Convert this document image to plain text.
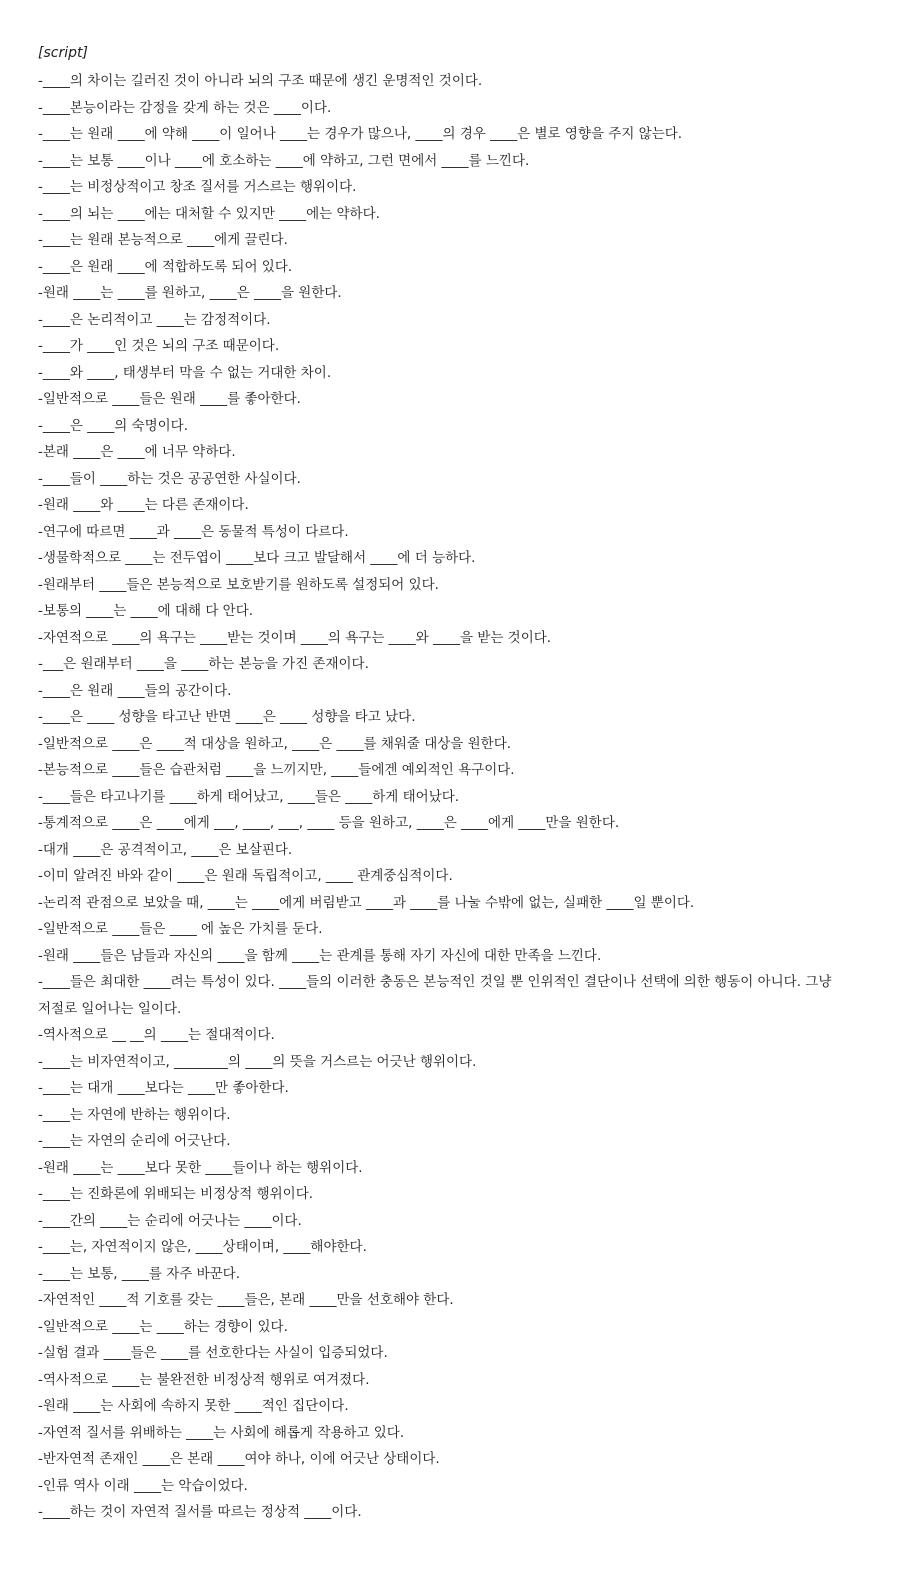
[script]
-____의 차이는 길러진 것이 아니라 뇌의 구조 때문에 생긴 운명적인 것이다.
-____본능이라는 감정을 갖게 하는 것은 ____이다.
-____는 원래 ____에 약해 ____이 일어나 ____는 경우가 많으나, ____의 경우 ____은 별로 영향을 주지 않는다.
-____는 보통 ____이나 ____에 호소하는 ____에 약하고, 그런 면에서 ____를 느낀다.
-____는 비정상적이고 창조 질서를 거스르는 행위이다.
-____의 뇌는 ____에는 대처할 수 있지만 ____에는 약하다.
-____는 원래 본능적으로 ____에게 끌린다.
-____은 원래 ____에 적합하도록 되어 있다.
-원래 ____는 ____를 원하고, ____은 ____을 원한다.
-____은 논리적이고 ____는 감정적이다.
-____가 ____인 것은 뇌의 구조 때문이다.
-____와 ____, 태생부터 막을 수 없는 거대한 차이.
-일반적으로 ____들은 원래 ____를 좋아한다.
-____은 ____의 숙명이다.
-본래 ____은 ____에 너무 약하다.
-____들이 ____하는 것은 공공연한 사실이다.
-원래 ____와 ____는 다른 존재이다.
-연구에 따르면 ____과 ____은 동물적 특성이 다르다.
-생물학적으로 ____는 전두엽이 ____보다 크고 발달해서 ____에 더 능하다.
-원래부터 ____들은 본능적으로 보호받기를 원하도록 설정되어 있다.
-보통의 ____는 ____에 대해 다 안다.
-자연적으로 ____의 욕구는 ____받는 것이며 ____의 욕구는 ____와 ____을 받는 것이다.
-___은 원래부터 ____을 ____하는 본능을 가진 존재이다.
-____은 원래 ____들의 공간이다.
-____은 ____ 성향을 타고난 반면 ____은 ____ 성향을 타고 났다.
-일반적으로 ____은 ____적 대상을 원하고, ____은 ____를 채워줄 대상을 원한다.
-본능적으로 ____들은 습관처럼 ____을 느끼지만, ____들에겐 예외적인 욕구이다.
-____들은 타고나기를 ____하게 태어났고, ____들은 ____하게 태어났다.
-통계적으로 ____은 ____에게 ___, ____, ___, ____ 등을 원하고, ____은 ____에게 ____만을 원한다.
-대개 ____은 공격적이고, ____은 보살핀다.
-이미 알려진 바와 같이 ____은 원래 독립적이고, ____ 관계중심적이다.
-논리적 관점으로 보았을 때, ____는 ____에게 버림받고 ____과 ____를 나눌 수밖에 없는, 실패한 ____일 뿐이다.
-일반적으로 ____들은 ____ 에 높은 가치를 둔다.
-원래 ____들은 남들과 자신의 ____을 함께 ____는 관계를 통해 자기 자신에 대한 만족을 느낀다.
-____들은 최대한 ____려는 특성이 있다. ____들의 이러한 충동은 본능적인 것일 뿐 인위적인 결단이나 선택에 의한 행동이 아니다. 그냥 저절로 일어나는 일이다.
-역사적으로 __ __의 ____는 절대적이다.
-____는 비자연적이고, ________의 ____의 뜻을 거스르는 어긋난 행위이다.
-____는 대개 ____보다는 ____만 좋아한다.
-____는 자연에 반하는 행위이다.
-____는 자연의 순리에 어긋난다.
-원래 ____는 ____보다 못한 ____들이나 하는 행위이다.
-____는 진화론에 위배되는 비정상적 행위이다.
-____간의 ____는 순리에 어긋나는 ____이다.
-____는, 자연적이지 않은, ____상태이며, ____해야한다.
-____는 보통, ____를 자주 바꾼다.
-자연적인 ____적 기호를 갖는 ____들은, 본래 ____만을 선호해야 한다.
-일반적으로 ____는 ____하는 경향이 있다.
-실험 결과 ____들은 ____를 선호한다는 사실이 입증되었다.
-역사적으로 ____는 불완전한 비정상적 행위로 여겨졌다.
-원래 ____는 사회에 속하지 못한 ____적인 집단이다.
-자연적 질서를 위배하는 ____는 사회에 해롭게 작용하고 있다.
-반자연적 존재인 ____은 본래 ____여야 하나, 이에 어긋난 상태이다.
-인류 역사 이래 ____는 악습이었다.
-____하는 것이 자연적 질서를 따르는 정상적 ____이다.
